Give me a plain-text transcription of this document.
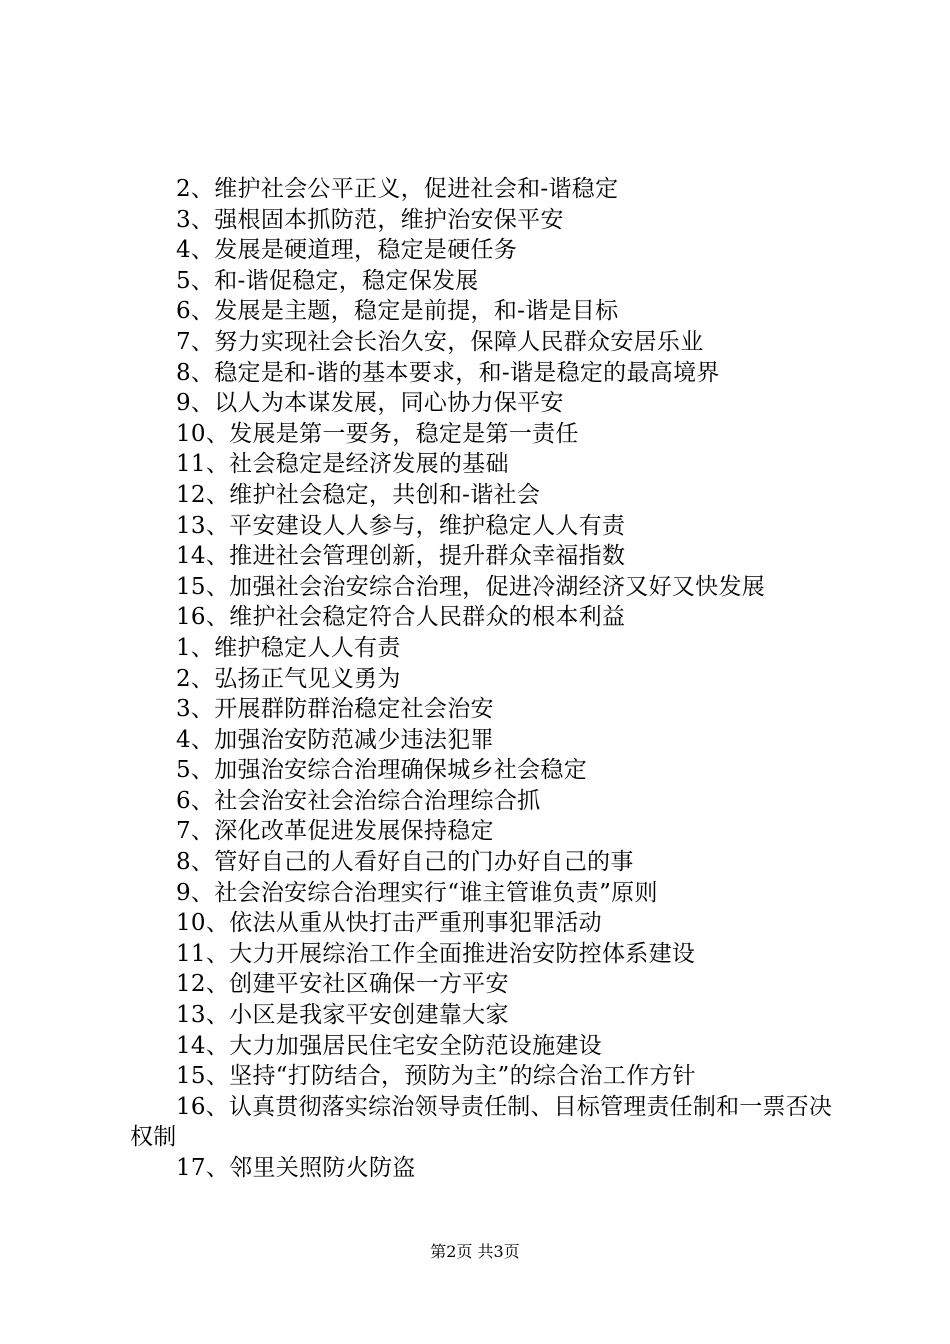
2、维护社会公平正义，促进社会和-谐稳定
3、强根固本抓防范，维护治安保平安
4、发展是硬道理，稳定是硬任务
5、和-谐促稳定，稳定保发展
6、发展是主题，稳定是前提，和-谐是目标
7、努力实现社会长治久安，保障人民群众安居乐业
8、稳定是和-谐的基本要求，和-谐是稳定的最高境界
9、以人为本谋发展，同心协力保平安
10、发展是第一要务，稳定是第一责任
11、社会稳定是经济发展的基础
12、维护社会稳定，共创和-谐社会
13、平安建设人人参与，维护稳定人人有责
14、推进社会管理创新，提升群众幸福指数
15、加强社会治安综合治理，促进冷湖经济又好又快发展
16、维护社会稳定符合人民群众的根本利益
1、维护稳定人人有责
2、弘扬正气见义勇为
3、开展群防群治稳定社会治安
4、加强治安防范减少违法犯罪
5、加强治安综合治理确保城乡社会稳定
6、社会治安社会治综合治理综合抓
7、深化改革促进发展保持稳定
8、管好自己的人看好自己的门办好自己的事
9、社会治安综合治理实行“谁主管谁负责”原则
10、依法从重从快打击严重刑事犯罪活动
11、大力开展综治工作全面推进治安防控体系建设
12、创建平安社区确保一方平安
13、小区是我家平安创建靠大家
14、大力加强居民住宅安全防范设施建设
15、坚持“打防结合，预防为主”的综合治工作方针
16、认真贯彻落实综治领导责任制、目标管理责任制和一票否决权制
17、邻里关照防火防盗
第2页 共3页
